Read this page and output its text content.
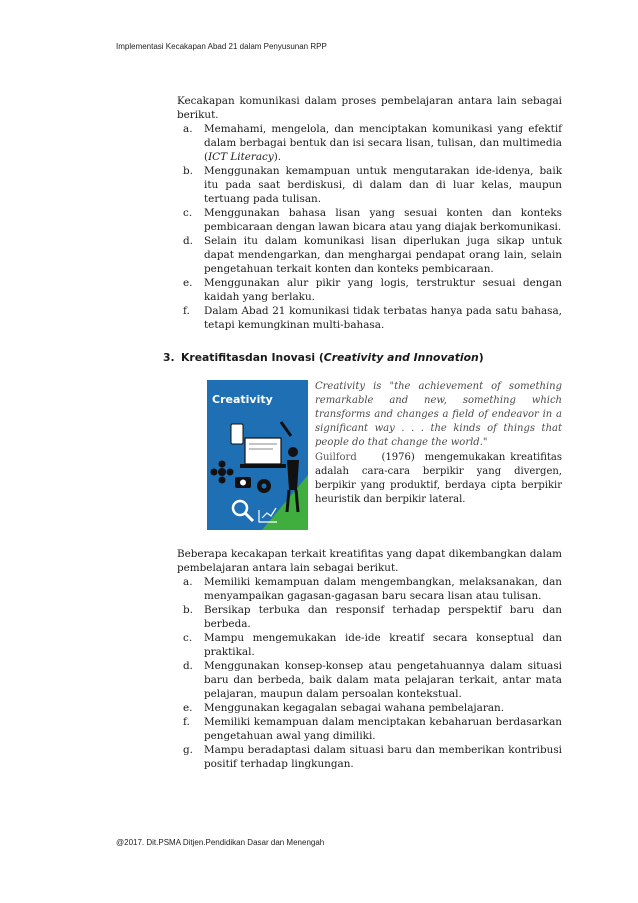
Implementasi Kecakapan Abad 21 dalam Penyusunan RPP
Kecakapan komunikasi dalam proses pembelajaran antara lain sebagai berikut.
a. Memahami, mengelola, dan menciptakan komunikasi yang efektif dalam berbagai bentuk dan isi secara lisan, tulisan, dan multimedia (ICT Literacy).
b. Menggunakan kemampuan untuk mengutarakan ide-idenya, baik itu pada saat berdiskusi, di dalam dan di luar kelas, maupun tertuang pada tulisan.
c. Menggunakan bahasa lisan yang sesuai konten dan konteks pembicaraan dengan lawan bicara atau yang diajak berkomunikasi.
d. Selain itu dalam komunikasi lisan diperlukan juga sikap untuk dapat mendengarkan, dan menghargai pendapat orang lain, selain pengetahuan terkait konten dan konteks pembicaraan.
e. Menggunakan alur pikir yang logis, terstruktur sesuai dengan kaidah yang berlaku.
f. Dalam Abad 21 komunikasi tidak terbatas hanya pada satu bahasa, tetapi kemungkinan multi-bahasa.
3. Kreatifitasdan Inovasi (Creativity and Innovation)
Creativity
Creativity is "the achievement of something remarkable and new, something which transforms and changes a field of endeavor in a significant way . . . the kinds of things that people do that change the world."
Guilford (1976) mengemukakan kreatifitas adalah cara-cara berpikir yang divergen, berpikir yang produktif, berdaya cipta berpikir heuristik dan berpikir lateral.
Beberapa kecakapan terkait kreatifitas yang dapat dikembangkan dalam pembelajaran antara lain sebagai berikut.
a. Memiliki kemampuan dalam mengembangkan, melaksanakan, dan menyampaikan gagasan-gagasan baru secara lisan atau tulisan.
b. Bersikap terbuka dan responsif terhadap perspektif baru dan berbeda.
c. Mampu mengemukakan ide-ide kreatif secara konseptual dan praktikal.
d. Menggunakan konsep-konsep atau pengetahuannya dalam situasi baru dan berbeda, baik dalam mata pelajaran terkait, antar mata pelajaran, maupun dalam persoalan kontekstual.
e. Menggunakan kegagalan sebagai wahana pembelajaran.
f. Memiliki kemampuan dalam menciptakan kebaharuan berdasarkan pengetahuan awal yang dimiliki.
g. Mampu beradaptasi dalam situasi baru dan memberikan kontribusi positif terhadap lingkungan.
@2017. Dit.PSMA Ditjen.Pendidikan Dasar dan Menengah
